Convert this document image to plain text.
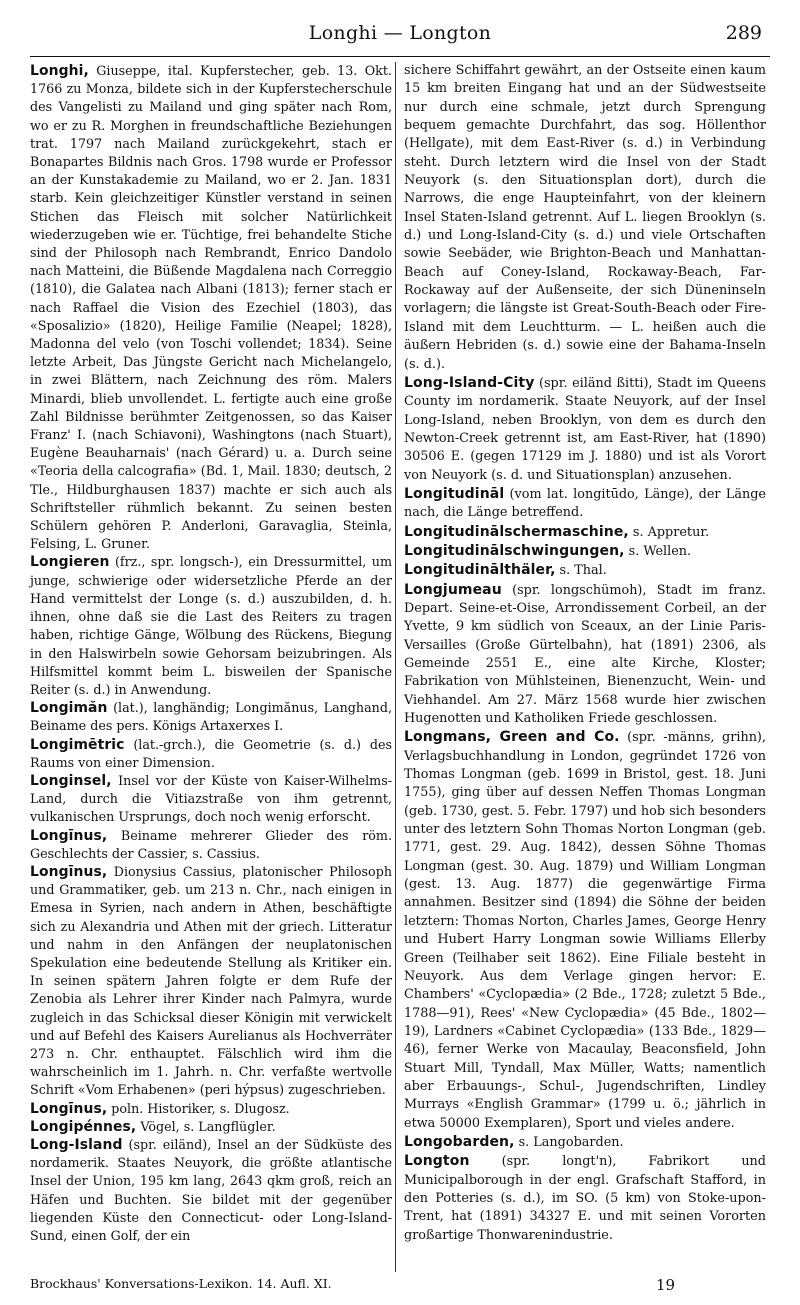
Longhi — Longton	289

Longhi, Giuseppe, ital. Kupferstecher, geb. 13. Okt. 1766 zu Monza, bildete sich in der Kupferstecherschule des Vangelisti zu Mailand und ging später nach Rom, wo er zu R. Morghen in freundschaftliche Beziehungen trat. 1797 nach Mailand zurückgekehrt, stach er Bonapartes Bildnis nach Gros. 1798 wurde er Professor an der Kunstakademie zu Mailand, wo er 2. Jan. 1831 starb. Kein gleichzeitiger Künstler verstand in seinen Stichen das Fleisch mit solcher Natürlichkeit wiederzugeben wie er. Tüchtige, frei behandelte Stiche sind der Philosoph nach Rembrandt, Enrico Dandolo nach Matteini, die Büßende Magdalena nach Correggio (1810), die Galatea nach Albani (1813); ferner stach er nach Raffael die Vision des Ezechiel (1803), das «Sposalizio» (1820), Heilige Familie (Neapel; 1828), Madonna del velo (von Toschi vollendet; 1834). Seine letzte Arbeit, Das Jüngste Gericht nach Michelangelo, in zwei Blättern, nach Zeichnung des röm. Malers Minardi, blieb unvollendet. L. fertigte auch eine große Zahl Bildnisse berühmter Zeitgenossen, so das Kaiser Franz' I. (nach Schiavoni), Washingtons (nach Stuart), Eugène Beauharnais' (nach Gérard) u. a. Durch seine «Teoria della calcografia» (Bd. 1, Mail. 1830; deutsch, 2 Tle., Hildburghausen 1837) machte er sich auch als Schriftsteller rühmlich bekannt. Zu seinen besten Schülern gehören P. Anderloni, Garavaglia, Steinla, Felsing, L. Gruner.

Longieren (frz., spr. longsch-), ein Dressurmittel, um junge, schwierige oder widersetzliche Pferde an der Hand vermittelst der Longe (s. d.) auszubilden, d. h. ihnen, ohne daß sie die Last des Reiters zu tragen haben, richtige Gänge, Wölbung des Rückens, Biegung in den Halswirbeln sowie Gehorsam beizubringen. Als Hilfsmittel kommt beim L. bisweilen der Spanische Reiter (s. d.) in Anwendung.

Longimăn (lat.), langhändig; Longimănus, Langhand, Beiname des pers. Königs Artaxerxes I.

Longimētric (lat.-grch.), die Geometrie (s. d.) des Raums von einer Dimension.

Longinsel, Insel vor der Küste von Kaiser-Wilhelms-Land, durch die Vitiazstraße von ihm getrennt, vulkanischen Ursprungs, doch noch wenig erforscht.

Longīnus, Beiname mehrerer Glieder des röm. Geschlechts der Cassier, s. Cassius.

Longīnus, Dionysius Cassius, platonischer Philosoph und Grammatiker, geb. um 213 n. Chr., nach einigen in Emesa in Syrien, nach andern in Athen, beschäftigte sich zu Alexandria und Athen mit der griech. Litteratur und nahm in den Anfängen der neuplatonischen Spekulation eine bedeutende Stellung als Kritiker ein. In seinen spätern Jahren folgte er dem Rufe der Zenobia als Lehrer ihrer Kinder nach Palmyra, wurde zugleich in das Schicksal dieser Königin mit verwickelt und auf Befehl des Kaisers Aurelianus als Hochverräter 273 n. Chr. enthauptet. Fälschlich wird ihm die wahrscheinlich im 1. Jahrh. n. Chr. verfaßte wertvolle Schrift «Vom Erhabenen» (peri hýpsus) zugeschrieben.

Longīnus, poln. Historiker, s. Dlugosz.

Longipénnes, Vögel, s. Langflügler.

Long-Island (spr. eiländ), Insel an der Südküste des nordamerik. Staates Neuyork, die größte atlantische Insel der Union, 195 km lang, 2643 qkm groß, reich an Häfen und Buchten. Sie bildet mit der gegenüber liegenden Küste den Connecticut- oder Long-Island-Sund, einen Golf, der ein

sichere Schiffahrt gewährt, an der Ostseite einen kaum 15 km breiten Eingang hat und an der Südwestseite nur durch eine schmale, jetzt durch Sprengung bequem gemachte Durchfahrt, das sog. Höllenthor (Hellgate), mit dem East-River (s. d.) in Verbindung steht. Durch letztern wird die Insel von der Stadt Neuyork (s. den Situationsplan dort), durch die Narrows, die enge Haupteinfahrt, von der kleinern Insel Staten-Island getrennt. Auf L. liegen Brooklyn (s. d.) und Long-Island-City (s. d.) und viele Ortschaften sowie Seebäder, wie Brighton-Beach und Manhattan-Beach auf Coney-Island, Rockaway-Beach, Far-Rockaway auf der Außenseite, der sich Düneninseln vorlagern; die längste ist Great-South-Beach oder Fire-Island mit dem Leuchtturm. — L. heißen auch die äußern Hebriden (s. d.) sowie eine der Bahama-Inseln (s. d.).

Long-Island-City (spr. eiländ ßitti), Stadt im Queens County im nordamerik. Staate Neuyork, auf der Insel Long-Island, neben Brooklyn, von dem es durch den Newton-Creek getrennt ist, am East-River, hat (1890) 30506 E. (gegen 17129 im J. 1880) und ist als Vorort von Neuyork (s. d. und Situationsplan) anzusehen.

Longitudināl (vom lat. longitūdo, Länge), der Länge nach, die Länge betreffend.

Longitudinālschermaschine, s. Appretur.

Longitudinālschwingungen, s. Wellen.

Longitudinālthäler, s. Thal.

Longjumeau (spr. longschümoh), Stadt im franz. Depart. Seine-et-Oise, Arrondissement Corbeil, an der Yvette, 9 km südlich von Sceaux, an der Linie Paris-Versailles (Große Gürtelbahn), hat (1891) 2306, als Gemeinde 2551 E., eine alte Kirche, Kloster; Fabrikation von Mühlsteinen, Bienenzucht, Wein- und Viehhandel. Am 27. März 1568 wurde hier zwischen Hugenotten und Katholiken Friede geschlossen.

Longmans, Green and Co. (spr. -männs, grihn), Verlagsbuchhandlung in London, gegründet 1726 von Thomas Longman (geb. 1699 in Bristol, gest. 18. Juni 1755), ging über auf dessen Neffen Thomas Longman (geb. 1730, gest. 5. Febr. 1797) und hob sich besonders unter des letztern Sohn Thomas Norton Longman (geb. 1771, gest. 29. Aug. 1842), dessen Söhne Thomas Longman (gest. 30. Aug. 1879) und William Longman (gest. 13. Aug. 1877) die gegenwärtige Firma annahmen. Besitzer sind (1894) die Söhne der beiden letztern: Thomas Norton, Charles James, George Henry und Hubert Harry Longman sowie Williams Ellerby Green (Teilhaber seit 1862). Eine Filiale besteht in Neuyork. Aus dem Verlage gingen hervor: E. Chambers' «Cyclopædia» (2 Bde., 1728; zuletzt 5 Bde., 1788—91), Rees' «New Cyclopædia» (45 Bde., 1802—19), Lardners «Cabinet Cyclopædia» (133 Bde., 1829—46), ferner Werke von Macaulay, Beaconsfield, John Stuart Mill, Tyndall, Max Müller, Watts; namentlich aber Erbauungs-, Schul-, Jugendschriften, Lindley Murrays «English Grammar» (1799 u. ö.; jährlich in etwa 50000 Exemplaren), Sport und vieles andere.

Longobarden, s. Langobarden.

Longton (spr. longt'n), Fabrikort und Municipalborough in der engl. Grafschaft Stafford, in den Potteries (s. d.), im SO. (5 km) von Stoke-upon-Trent, hat (1891) 34327 E. und mit seinen Vororten großartige Thonwarenindustrie.

Brockhaus' Konversations-Lexikon. 14. Aufl. XI.	19
